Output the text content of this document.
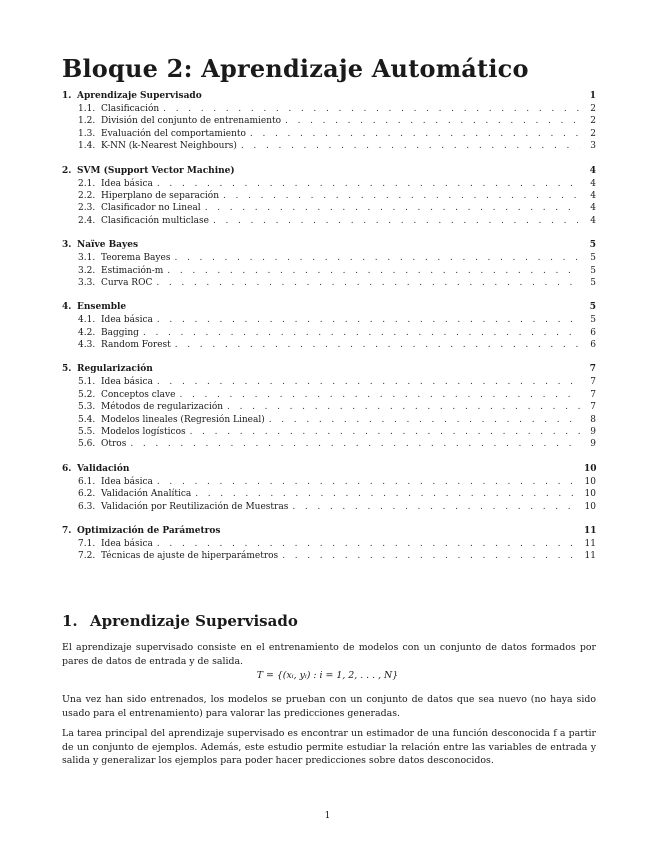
Bloque 2: Aprendizaje Automático
1. Aprendizaje Supervisado	1
1.1. Clasificación . . .	2
1.2. División del conjunto de entrenamiento . . .	2
1.3. Evaluación del comportamiento . . .	2
1.4. K-NN (k-Nearest Neighbours) . . .	3
2. SVM (Support Vector Machine)	4
2.1. Idea básica . . .	4
2.2. Hiperplano de separación . . .	4
2.3. Clasificador no Lineal . . .	4
2.4. Clasificación multiclase . . .	4
3. Naïve Bayes	5
3.1. Teorema Bayes . . .	5
3.2. Estimación-m . . .	5
3.3. Curva ROC . . .	5
4. Ensemble	5
4.1. Idea básica . . .	5
4.2. Bagging . . .	6
4.3. Random Forest . . .	6
5. Regularización	7
5.1. Idea básica . . .	7
5.2. Conceptos clave . . .	7
5.3. Métodos de regularización . . .	7
5.4. Modelos lineales (Regresión Lineal) . . .	8
5.5. Modelos logísticos . . .	9
5.6. Otros . . .	9
6. Validación	10
6.1. Idea básica . . .	10
6.2. Validación Analítica . . .	10
6.3. Validación por Reutilización de Muestras . . .	10
7. Optimización de Parámetros	11
7.1. Idea básica . . .	11
7.2. Técnicas de ajuste de hiperparámetros . . .	11
1. Aprendizaje Supervisado
El aprendizaje supervisado consiste en el entrenamiento de modelos con un conjunto de datos formados por pares de datos de entrada y de salida.
T = {(xᵢ, yᵢ) : i = 1, 2, . . . , N}
Una vez han sido entrenados, los modelos se prueban con un conjunto de datos que sea nuevo (no haya sido usado para el entrenamiento) para valorar las predicciones generadas.
La tarea principal del aprendizaje supervisado es encontrar un estimador de una función desconocida f a partir de un conjunto de ejemplos. Además, este estudio permite estudiar la relación entre las variables de entrada y salida y generalizar los ejemplos para poder hacer predicciones sobre datos desconocidos.
1
